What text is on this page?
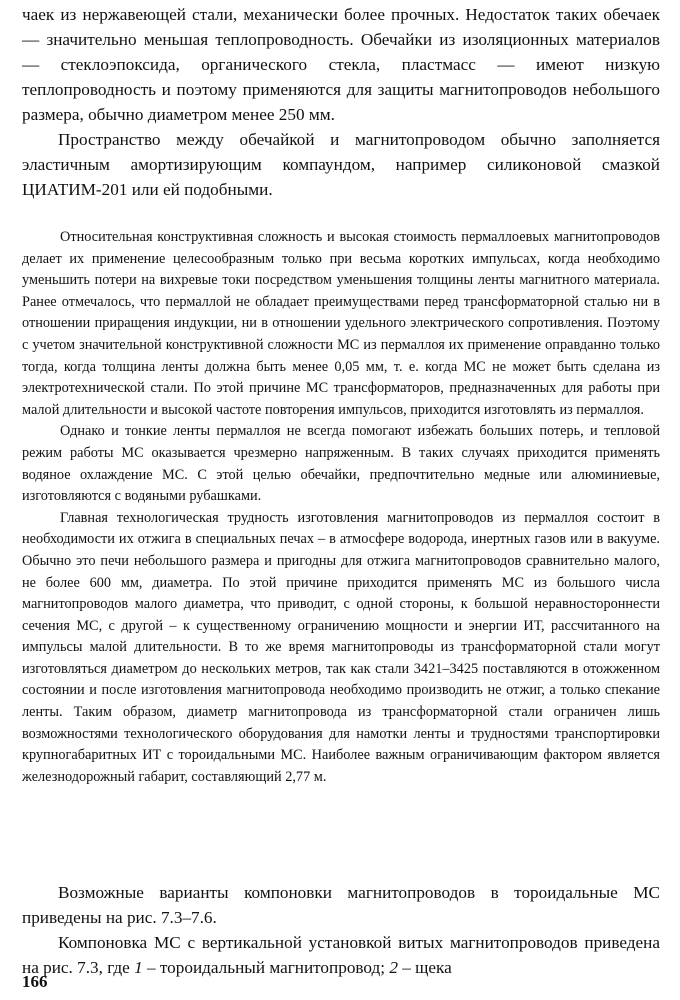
чаек из нержавеющей стали, механически более прочных. Недостаток таких обечаек — значительно меньшая теплопроводность. Обечайки из изоляционных материалов — стеклоэпоксида, органического стекла, пластмасс — имеют низкую теплопроводность и поэтому применяются для защиты магнитопроводов небольшого размера, обычно диаметром менее 250 мм.

Пространство между обечайкой и магнитопроводом обычно заполняется эластичным амортизирующим компаундом, например силиконовой смазкой ЦИАТИМ-201 или ей подобными.

Относительная конструктивная сложность и высокая стоимость пермаллоевых магнитопроводов делает их применение целесообразным только при весьма коротких импульсах, когда необходимо уменьшить потери на вихревые токи посредством уменьшения толщины ленты магнитного материала. Ранее отмечалось, что пермаллой не обладает преимуществами перед трансформаторной сталью ни в отношении приращения индукции, ни в отношении удельного электрического сопротивления. Поэтому с учетом значительной конструктивной сложности МС из пермаллоя их применение оправданно только тогда, когда толщина ленты должна быть менее 0,05 мм, т. е. когда МС не может быть сделана из электротехнической стали. По этой причине МС трансформаторов, предназначенных для работы при малой длительности и высокой частоте повторения импульсов, приходится изготовлять из пермаллоя.

Однако и тонкие ленты пермаллоя не всегда помогают избежать больших потерь, и тепловой режим работы МС оказывается чрезмерно напряженным. В таких случаях приходится применять водяное охлаждение МС. С этой целью обечайки, предпочтительно медные или алюминиевые, изготовляются с водяными рубашками.

Главная технологическая трудность изготовления магнитопроводов из пермаллоя состоит в необходимости их отжига в специальных печах – в атмосфере водорода, инертных газов или в вакууме. Обычно это печи небольшого размера и пригодны для отжига магнитопроводов сравнительно малого, не более 600 мм, диаметра. По этой причине приходится применять МС из большого числа магнитопроводов малого диаметра, что приводит, с одной стороны, к большой неравностороннести сечения МС, с другой – к существенному ограничению мощности и энергии ИТ, рассчитанного на импульсы малой длительности. В то же время магнитопроводы из трансформаторной стали могут изготовляться диаметром до нескольких метров, так как стали 3421–3425 поставляются в отожженном состоянии и после изготовления магнитопровода необходимо производить не отжиг, а только спекание ленты. Таким образом, диаметр магнитопровода из трансформаторной стали ограничен лишь возможностями технологического оборудования для намотки ленты и трудностями транспортировки крупногабаритных ИТ с тороидальными МС. Наиболее важным ограничивающим фактором является железнодорожный габарит, составляющий 2,77 м.

Возможные варианты компоновки магнитопроводов в тороидальные МС приведены на рис. 7.3–7.6.

Компоновка МС с вертикальной установкой витых магнитопроводов приведена на рис. 7.3, где 1 – тороидальный магнитопровод; 2 – щека

166
